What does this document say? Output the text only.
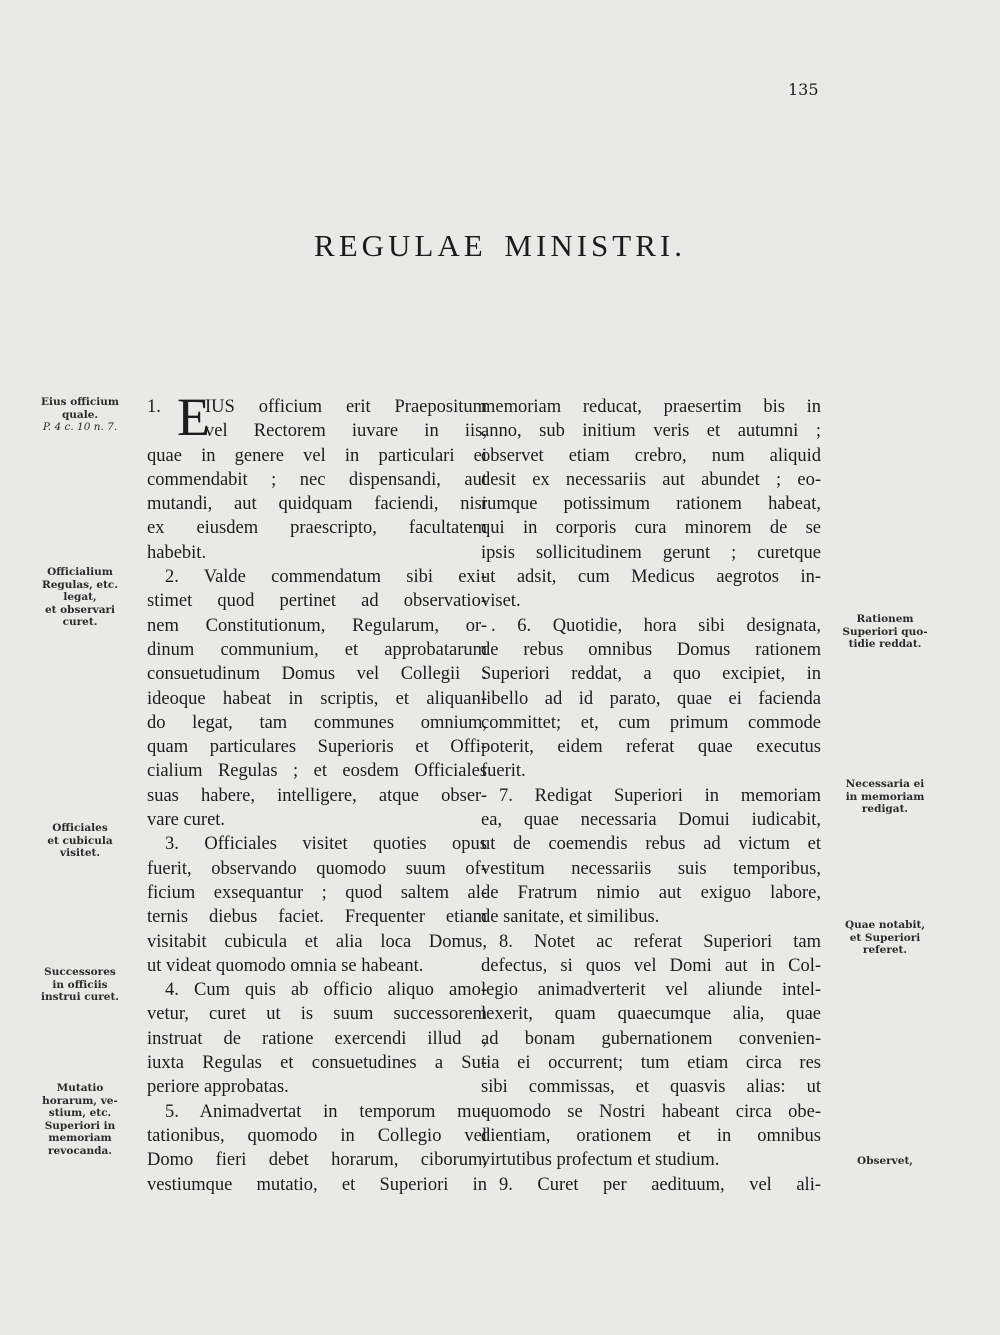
135
REGULAE MINISTRI.
1. E
IUS officium erit Praepositum
vel Rectorem iuvare in iis,
quae in genere vel in particulari ei
commendabit ; nec dispensandi, aut
mutandi, aut quidquam faciendi, nisi
ex eiusdem praescripto, facultatem
habebit.
2. Valde commendatum sibi exi-
stimet quod pertinet ad observatio-
nem Constitutionum, Regularum, or-
dinum communium, et approbatarum
consuetudinum Domus vel Collegii :
ideoque habeat in scriptis, et aliquan-
do legat, tam communes omnium,
quam particulares Superioris et Offi-
cialium Regulas ; et eosdem Officiales
suas habere, intelligere, atque obser-
vare curet.
3. Officiales visitet quoties opus
fuerit, observando quomodo suum of-
ficium exsequantur ; quod saltem al-
ternis diebus faciet. Frequenter etiam
visitabit cubicula et alia loca Domus,
ut videat quomodo omnia se habeant.
4. Cum quis ab officio aliquo amo-
vetur, curet ut is suum successorem
instruat de ratione exercendi illud ,
iuxta Regulas et consuetudines a Su-
periore approbatas.
5. Animadvertat in temporum mu-
tationibus, quomodo in Collegio vel
Domo fieri debet horarum, ciborum,
vestiumque mutatio, et Superiori in
memoriam reducat, praesertim bis in
anno, sub initium veris et autumni ;
observet etiam crebro, num aliquid
desit ex necessariis aut abundet ; eo-
rumque potissimum rationem habeat,
qui in corporis cura minorem de se
ipsis sollicitudinem gerunt ; curetque
ut adsit, cum Medicus aegrotos in-
viset.
. 6. Quotidie, hora sibi designata,
de rebus omnibus Domus rationem
Superiori reddat, a quo excipiet, in
libello ad id parato, quae ei facienda
committet; et, cum primum commode
poterit, eidem referat quae executus
fuerit.
7. Redigat Superiori in memoriam
ea, quae necessaria Domui iudicabit,
ut de coemendis rebus ad victum et
vestitum necessariis suis temporibus,
de Fratrum nimio aut exiguo labore,
de sanitate, et similibus.
8. Notet ac referat Superiori tam
defectus, si quos vel Domi aut in Col-
legio animadverterit vel aliunde intel-
lexerit, quam quaecumque alia, quae
ad bonam gubernationem convenien-
tia ei occurrent; tum etiam circa res
sibi commissas, et quasvis alias: ut
quomodo se Nostri habeant circa obe-
dientiam, orationem et in omnibus
virtutibus profectum et studium.
9. Curet per aedituum, vel ali-
Eius officium
quale.
P. 4 c. 10 n. 7.
Officialium
Regulas, etc.
legat,
et observari
curet.
Officiales
et cubicula
visitet.
Successores
in officiis
instrui curet.
Mutatio
horarum, ve-
stium, etc.
Superiori in
memoriam
revocanda.
Rationem
Superiori quo-
tidie reddat.
Necessaria ei
in memoriam
redigat.
Quae notabit,
et Superiori
referet.
Observet,
